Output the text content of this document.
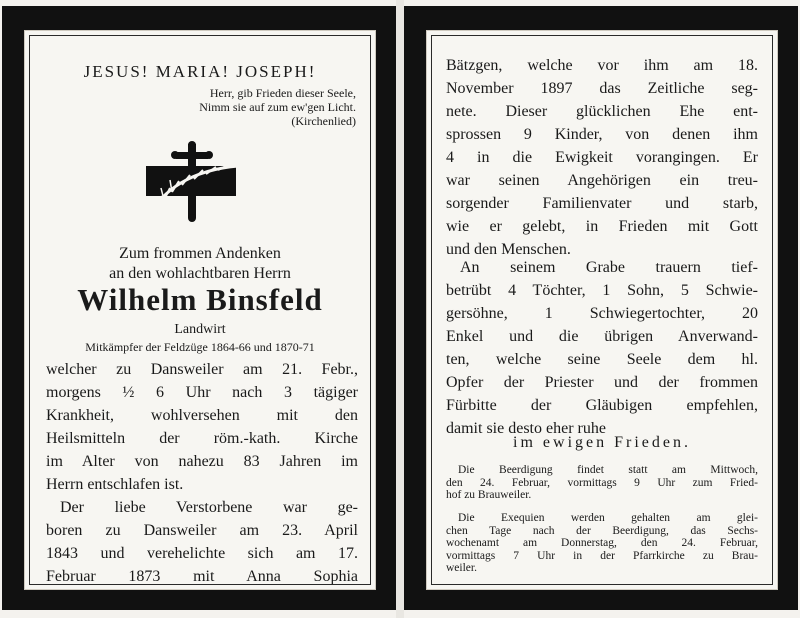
JESUS! MARIA! JOSEPH!
Herr, gib Frieden dieser Seele,
Nimm sie auf zum ew'gen Licht.
(Kirchenlied)
Zum frommen Andenken
an den wohlachtbaren Herrn
Wilhelm Binsfeld
Landwirt
Mitkämpfer der Feldzüge 1864-66 und 1870-71
welcher zu Dansweiler am 21. Febr.,
morgens ½ 6 Uhr nach 3 tägiger
Krankheit, wohlversehen mit den
Heilsmitteln der röm.-kath. Kirche
im Alter von nahezu 83 Jahren im
Herrn entschlafen ist.
Der liebe Verstorbene war ge-
boren zu Dansweiler am 23. April
1843 und verehelichte sich am 17.
Februar 1873 mit Anna Sophia
Bätzgen, welche vor ihm am 18.
November 1897 das Zeitliche seg-
nete. Dieser glücklichen Ehe ent-
sprossen 9 Kinder, von denen ihm
4 in die Ewigkeit vorangingen. Er
war seinen Angehörigen ein treu-
sorgender Familienvater und starb,
wie er gelebt, in Frieden mit Gott
und den Menschen.
An seinem Grabe trauern tief-
betrübt 4 Töchter, 1 Sohn, 5 Schwie-
gersöhne, 1 Schwiegertochter, 20
Enkel und die übrigen Anverwand-
ten, welche seine Seele dem hl.
Opfer der Priester und der frommen
Fürbitte der Gläubigen empfehlen,
damit sie desto eher ruhe
im ewigen Frieden.
Die Beerdigung findet statt am Mittwoch,
den 24. Februar, vormittags 9 Uhr zum Fried-
hof zu Brauweiler.
Die Exequien werden gehalten am glei-
chen Tage nach der Beerdigung, das Sechs-
wochenamt am Donnerstag, den 24. Februar,
vormittags 7 Uhr in der Pfarrkirche zu Brau-
weiler.
